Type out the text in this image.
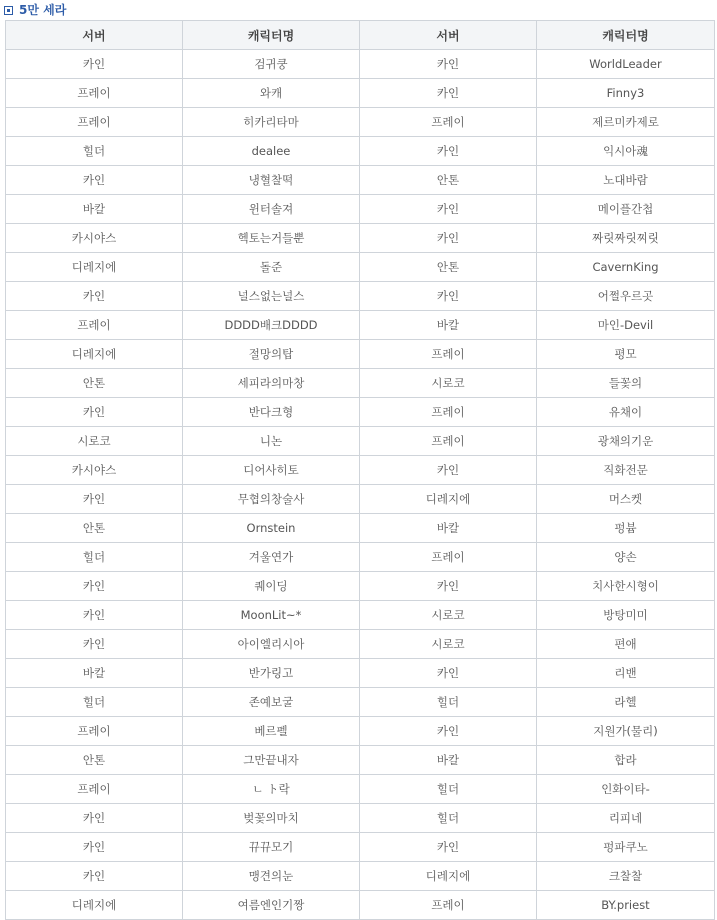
5만 세라
서버	캐릭터명	서버	캐릭터명
카인	검귀쿵	카인	WorldLeader
프레이	와캐	카인	Finny3
프레이	히카리타마	프레이	제르미카제로
힐더	dealee	카인	익시아魂
카인	냉혈찰떡	안톤	노대바람
바칼	윈터솔져	카인	메이플간첩
카시야스	헥토는거들뿐	카인	짜릿짜릿찌릿
디레지에	돌준	안톤	CavernKing
카인	널스없는널스	카인	어쩔우르곳
프레이	DDDD배크DDDD	바칼	마인-Devil
디레지에	절망의탑	프레이	평모
안톤	세피라의마창	시로코	들꽃의
카인	반다크형	프레이	유채이
시로코	니논	프레이	광채의기운
카시야스	디어사히토	카인	직화전문
카인	무협의창술사	디레지에	머스켓
안톤	Ornstein	바칼	펑븀
힐더	겨울연가	프레이	양손
카인	퀘이딩	카인	치사한시형이
카인	MoonLit~*	시로코	방탕미미
카인	아이엘리시아	시로코	편애
바칼	반가링고	카인	리밴
힐더	존예보굴	힐더	라헬
프레이	베르펠	카인	지원가(물리)
안톤	그만끝내자	바칼	합라
프레이	ㄴ ト락	힐더	인화이타-
카인	벚꽃의마치	힐더	리피네
카인	뀨뀨모기	카인	펑파쿠노
카인	맹견의눈	디레지에	크찰찰
디레지에	여름엔인기짱	프레이	BY.priest
